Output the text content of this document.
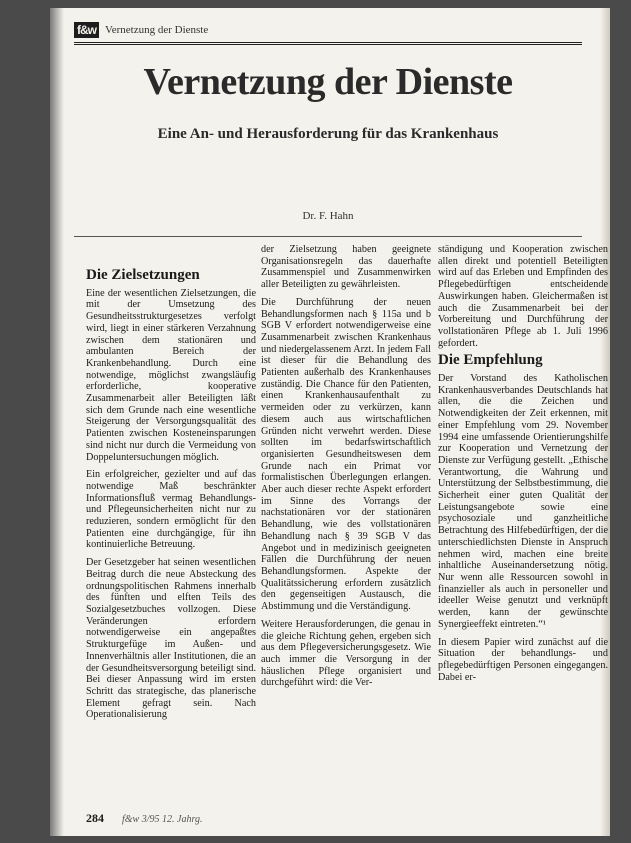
f&w Vernetzung der Dienste
Vernetzung der Dienste
Eine An- und Herausforderung für das Krankenhaus
Dr. F. Hahn
Die Zielsetzungen

Eine der wesentlichen Zielsetzungen, die mit der Umsetzung des Gesundheitsstrukturgesetzes verfolgt wird, liegt in einer stärkeren Verzahnung zwischen dem stationären und ambulanten Bereich der Krankenbehandlung. Durch eine notwendige, möglichst zwangsläufig erforderliche, kooperative Zusammenarbeit aller Beteiligten läßt sich dem Grunde nach eine wesentliche Steigerung der Versorgungsqualität des Patienten zwischen Kosteneinsparungen sind nicht nur durch die Vermeidung von Doppeluntersuchungen möglich.

Ein erfolgreicher, gezielter und auf das notwendige Maß beschränkter Informationsfluß vermag Behandlungs- und Pflegeunsicherheiten nicht nur zu reduzieren, sondern ermöglicht für den Patienten eine durchgängige, für ihn kontinuierliche Betreuung.

Der Gesetzgeber hat seinen wesentlichen Beitrag durch die neue Absteckung des ordnungspolitischen Rahmens innerhalb des fünften und elften Teils des Sozialgesetzbuches vollzogen. Diese Veränderungen erfordern notwendigerweise ein angepaßtes Strukturgefüge im Außen- und Innenverhältnis aller Institutionen, die an der Gesundheitsversorgung beteiligt sind. Bei dieser Anpassung wird im ersten Schritt das strategische, das planerische Element gefragt sein. Nach Operationalisierung

der Zielsetzung haben geeignete Organisationsregeln das dauerhafte Zusammenspiel und Zusammenwirken aller Beteiligten zu gewährleisten.

Die Durchführung der neuen Behandlungsformen nach § 115a und b SGB V erfordert notwendigerweise eine Zusammenarbeit zwischen Krankenhaus und niedergelassenem Arzt. In jedem Fall ist dieser für die Behandlung des Patienten außerhalb des Krankenhauses zuständig. Die Chance für den Patienten, einen Krankenhausaufenthalt zu vermeiden oder zu verkürzen, kann diesem auch aus wirtschaftlichen Gründen nicht verwehrt werden. Diese sollten im bedarfswirtschaftlich organisierten Gesundheitswesen dem Grunde nach ein Primat vor formalistischen Überlegungen erlangen. Aber auch dieser rechte Aspekt erfordert im Sinne des Vorrangs der nachstationären vor der stationären Behandlung, wie des vollstationären Behandlung nach § 39 SGB V das Angebot und in medizinisch geeigneten Fällen die Durchführung der neuen Behandlungsformen. Aspekte der Qualitätssicherung erfordern zusätzlich den gegenseitigen Austausch, die Abstimmung und die Verständigung.

Weitere Herausforderungen, die genau in die gleiche Richtung gehen, ergeben sich aus dem Pflegeversicherungsgesetz. Wie auch immer die Versorgung in der häuslichen Pflege organisiert und durchgeführt wird: die Ver-

ständigung und Kooperation zwischen allen direkt und potentiell Beteiligten wird auf das Erleben und Empfinden des Pflegebedürftigen entscheidende Auswirkungen haben. Gleichermaßen ist auch die Zusammenarbeit bei der Vorbereitung und Durchführung der vollstationären Pflege ab 1. Juli 1996 gefordert.

Die Empfehlung

Der Vorstand des Katholischen Krankenhausverbandes Deutschlands hat allen, die die Zeichen und Notwendigkeiten der Zeit erkennen, mit einer Empfehlung vom 29. November 1994 eine umfassende Orientierungshilfe zur Kooperation und Vernetzung der Dienste zur Verfügung gestellt. „Ethische Verantwortung, die Wahrung und Unterstützung der Selbstbestimmung, die Sicherheit einer guten Qualität der Leistungsangebote sowie eine psychosoziale und ganzheitliche Betrachtung des Hilfebedürftigen, der die unterschiedlichsten Dienste in Anspruch nehmen wird, machen eine breite inhaltliche Auseinandersetzung nötig. Nur wenn alle Ressourcen sowohl in finanzieller als auch in personeller und ideeller Weise genutzt und verknüpft werden, kann der gewünschte Synergieeffekt eintreten.“¹

In diesem Papier wird zunächst auf die Situation der behandlungs- und pflegebedürftigen Personen eingegangen. Dabei er-

284 f&w 3/95 12. Jahrg.
